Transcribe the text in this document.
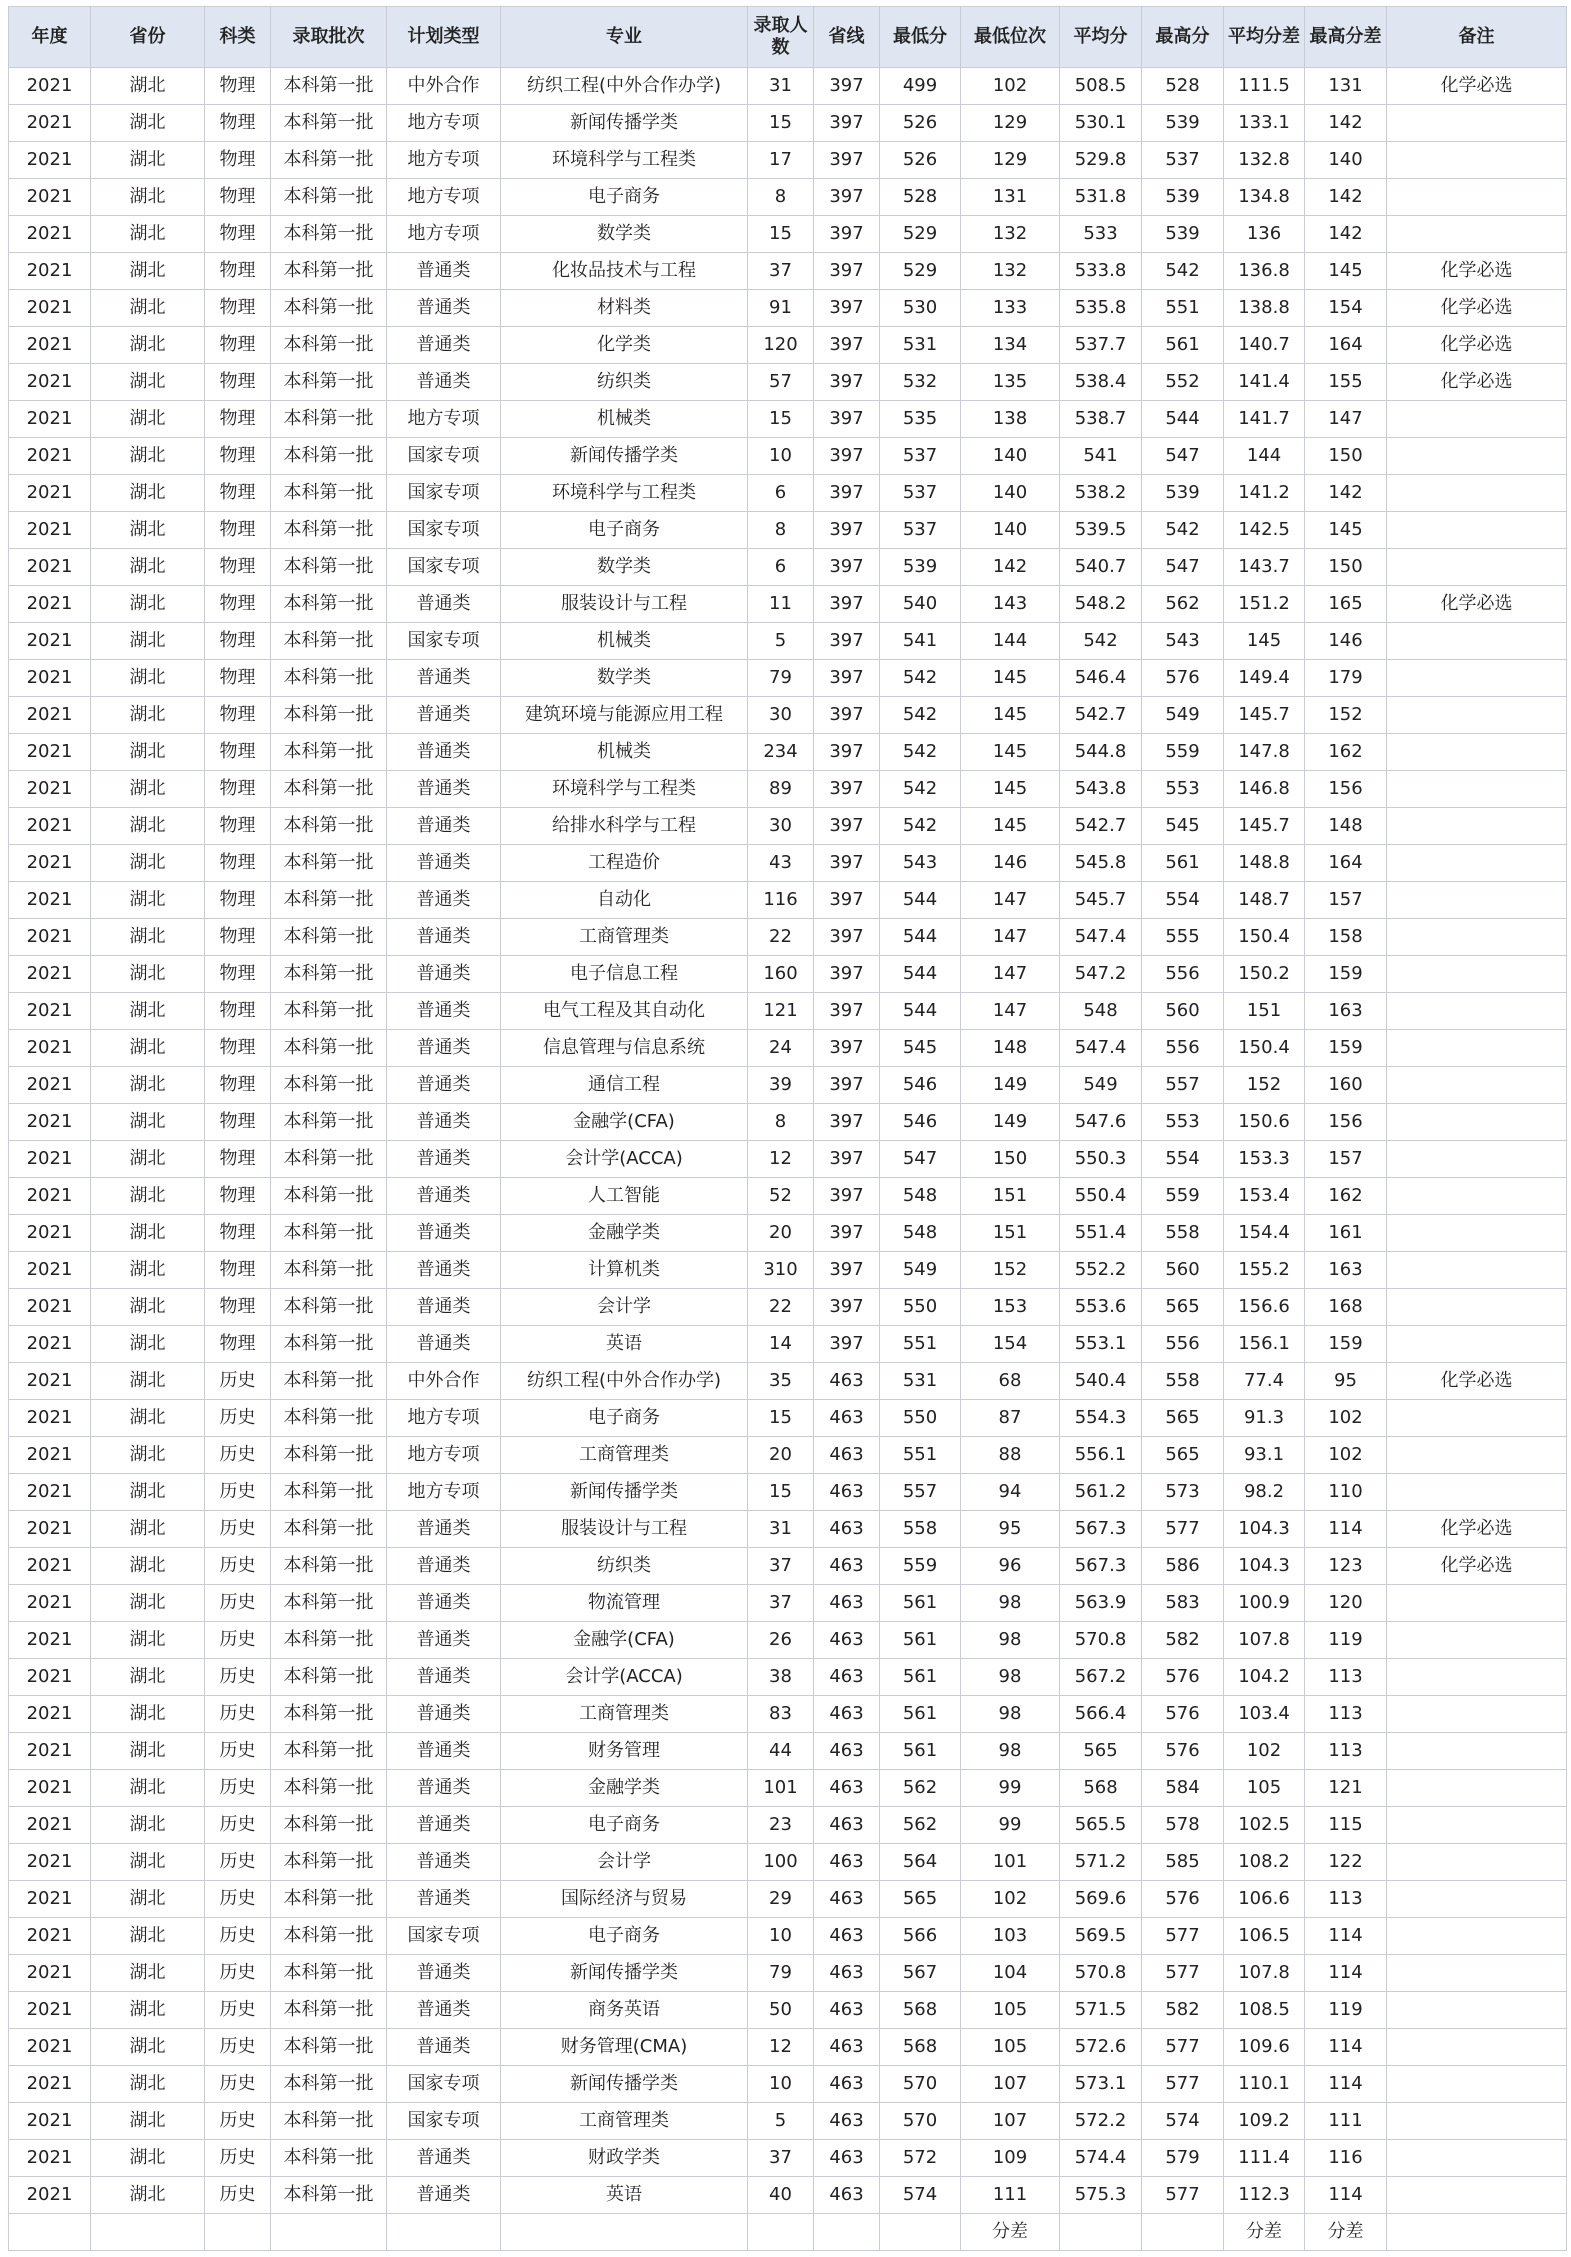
年度	省份	科类	录取批次	计划类型	专业	录取人数	省线	最低分	最低位次	平均分	最高分	平均分差	最高分差	备注
2021	湖北	物理	本科第一批	中外合作	纺织工程(中外合作办学)	31	397	499	102	508.5	528	111.5	131	化学必选
2021	湖北	物理	本科第一批	地方专项	新闻传播学类	15	397	526	129	530.1	539	133.1	142	
2021	湖北	物理	本科第一批	地方专项	环境科学与工程类	17	397	526	129	529.8	537	132.8	140	
2021	湖北	物理	本科第一批	地方专项	电子商务	8	397	528	131	531.8	539	134.8	142	
2021	湖北	物理	本科第一批	地方专项	数学类	15	397	529	132	533	539	136	142	
2021	湖北	物理	本科第一批	普通类	化妆品技术与工程	37	397	529	132	533.8	542	136.8	145	化学必选
2021	湖北	物理	本科第一批	普通类	材料类	91	397	530	133	535.8	551	138.8	154	化学必选
2021	湖北	物理	本科第一批	普通类	化学类	120	397	531	134	537.7	561	140.7	164	化学必选
2021	湖北	物理	本科第一批	普通类	纺织类	57	397	532	135	538.4	552	141.4	155	化学必选
2021	湖北	物理	本科第一批	地方专项	机械类	15	397	535	138	538.7	544	141.7	147	
2021	湖北	物理	本科第一批	国家专项	新闻传播学类	10	397	537	140	541	547	144	150	
2021	湖北	物理	本科第一批	国家专项	环境科学与工程类	6	397	537	140	538.2	539	141.2	142	
2021	湖北	物理	本科第一批	国家专项	电子商务	8	397	537	140	539.5	542	142.5	145	
2021	湖北	物理	本科第一批	国家专项	数学类	6	397	539	142	540.7	547	143.7	150	
2021	湖北	物理	本科第一批	普通类	服装设计与工程	11	397	540	143	548.2	562	151.2	165	化学必选
2021	湖北	物理	本科第一批	国家专项	机械类	5	397	541	144	542	543	145	146	
2021	湖北	物理	本科第一批	普通类	数学类	79	397	542	145	546.4	576	149.4	179	
2021	湖北	物理	本科第一批	普通类	建筑环境与能源应用工程	30	397	542	145	542.7	549	145.7	152	
2021	湖北	物理	本科第一批	普通类	机械类	234	397	542	145	544.8	559	147.8	162	
2021	湖北	物理	本科第一批	普通类	环境科学与工程类	89	397	542	145	543.8	553	146.8	156	
2021	湖北	物理	本科第一批	普通类	给排水科学与工程	30	397	542	145	542.7	545	145.7	148	
2021	湖北	物理	本科第一批	普通类	工程造价	43	397	543	146	545.8	561	148.8	164	
2021	湖北	物理	本科第一批	普通类	自动化	116	397	544	147	545.7	554	148.7	157	
2021	湖北	物理	本科第一批	普通类	工商管理类	22	397	544	147	547.4	555	150.4	158	
2021	湖北	物理	本科第一批	普通类	电子信息工程	160	397	544	147	547.2	556	150.2	159	
2021	湖北	物理	本科第一批	普通类	电气工程及其自动化	121	397	544	147	548	560	151	163	
2021	湖北	物理	本科第一批	普通类	信息管理与信息系统	24	397	545	148	547.4	556	150.4	159	
2021	湖北	物理	本科第一批	普通类	通信工程	39	397	546	149	549	557	152	160	
2021	湖北	物理	本科第一批	普通类	金融学(CFA)	8	397	546	149	547.6	553	150.6	156	
2021	湖北	物理	本科第一批	普通类	会计学(ACCA)	12	397	547	150	550.3	554	153.3	157	
2021	湖北	物理	本科第一批	普通类	人工智能	52	397	548	151	550.4	559	153.4	162	
2021	湖北	物理	本科第一批	普通类	金融学类	20	397	548	151	551.4	558	154.4	161	
2021	湖北	物理	本科第一批	普通类	计算机类	310	397	549	152	552.2	560	155.2	163	
2021	湖北	物理	本科第一批	普通类	会计学	22	397	550	153	553.6	565	156.6	168	
2021	湖北	物理	本科第一批	普通类	英语	14	397	551	154	553.1	556	156.1	159	
2021	湖北	历史	本科第一批	中外合作	纺织工程(中外合作办学)	35	463	531	68	540.4	558	77.4	95	化学必选
2021	湖北	历史	本科第一批	地方专项	电子商务	15	463	550	87	554.3	565	91.3	102	
2021	湖北	历史	本科第一批	地方专项	工商管理类	20	463	551	88	556.1	565	93.1	102	
2021	湖北	历史	本科第一批	地方专项	新闻传播学类	15	463	557	94	561.2	573	98.2	110	
2021	湖北	历史	本科第一批	普通类	服装设计与工程	31	463	558	95	567.3	577	104.3	114	化学必选
2021	湖北	历史	本科第一批	普通类	纺织类	37	463	559	96	567.3	586	104.3	123	化学必选
2021	湖北	历史	本科第一批	普通类	物流管理	37	463	561	98	563.9	583	100.9	120	
2021	湖北	历史	本科第一批	普通类	金融学(CFA)	26	463	561	98	570.8	582	107.8	119	
2021	湖北	历史	本科第一批	普通类	会计学(ACCA)	38	463	561	98	567.2	576	104.2	113	
2021	湖北	历史	本科第一批	普通类	工商管理类	83	463	561	98	566.4	576	103.4	113	
2021	湖北	历史	本科第一批	普通类	财务管理	44	463	561	98	565	576	102	113	
2021	湖北	历史	本科第一批	普通类	金融学类	101	463	562	99	568	584	105	121	
2021	湖北	历史	本科第一批	普通类	电子商务	23	463	562	99	565.5	578	102.5	115	
2021	湖北	历史	本科第一批	普通类	会计学	100	463	564	101	571.2	585	108.2	122	
2021	湖北	历史	本科第一批	普通类	国际经济与贸易	29	463	565	102	569.6	576	106.6	113	
2021	湖北	历史	本科第一批	国家专项	电子商务	10	463	566	103	569.5	577	106.5	114	
2021	湖北	历史	本科第一批	普通类	新闻传播学类	79	463	567	104	570.8	577	107.8	114	
2021	湖北	历史	本科第一批	普通类	商务英语	50	463	568	105	571.5	582	108.5	119	
2021	湖北	历史	本科第一批	普通类	财务管理(CMA)	12	463	568	105	572.6	577	109.6	114	
2021	湖北	历史	本科第一批	国家专项	新闻传播学类	10	463	570	107	573.1	577	110.1	114	
2021	湖北	历史	本科第一批	国家专项	工商管理类	5	463	570	107	572.2	574	109.2	111	
2021	湖北	历史	本科第一批	普通类	财政学类	37	463	572	109	574.4	579	111.4	116	
2021	湖北	历史	本科第一批	普通类	英语	40	463	574	111	575.3	577	112.3	114	
									分差			分差	分差	
